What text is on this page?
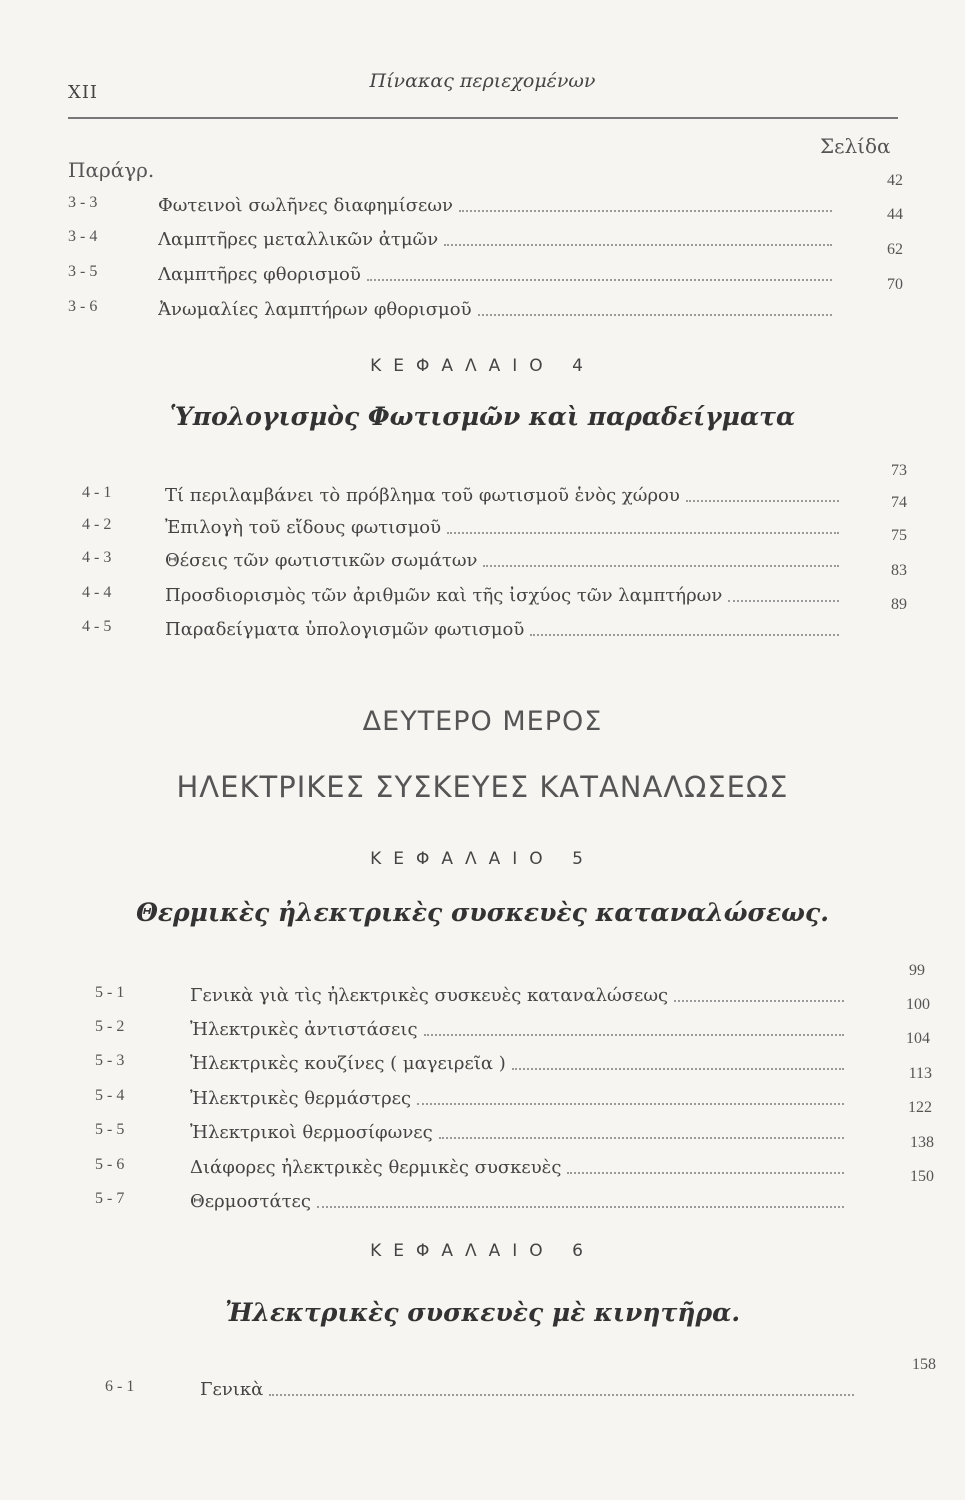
XII
Πίνακας περιεχομένων
Σελίδα
Παράγρ.
3 - 3	Φωτεινοὶ σωλῆνες διαφημίσεων
42
3 - 4	Λαμπτῆρες μεταλλικῶν ἀτμῶν
44
3 - 5	Λαμπτῆρες φθορισμοῦ
62
3 - 6	Ἀνωμαλίες λαμπτήρων φθορισμοῦ
70
ΚΕΦΑΛΑΙΟ 4
Ὑπολογισμὸς Φωτισμῶν καὶ παραδείγματα
4 - 1	Τί περιλαμβάνει τὸ πρόβλημα τοῦ φωτισμοῦ ἑνὸς χώρου
73
4 - 2	Ἐπιλογὴ τοῦ εἴδους φωτισμοῦ
74
4 - 3	Θέσεις τῶν φωτιστικῶν σωμάτων
75
4 - 4	Προσδιορισμὸς τῶν ἀριθμῶν καὶ τῆς ἰσχύος τῶν λαμπτήρων
83
4 - 5	Παραδείγματα ὑπολογισμῶν φωτισμοῦ
89
ΔΕΥΤΕΡΟ ΜΕΡΟΣ
ΗΛΕΚΤΡΙΚΕΣ ΣΥΣΚΕΥΕΣ ΚΑΤΑΝΑΛΩΣΕΩΣ
ΚΕΦΑΛΑΙΟ 5
Θερμικὲς ἠλεκτρικὲς συσκευὲς καταναλώσεως.
5 - 1	Γενικὰ γιὰ τὶς ἠλεκτρικὲς συσκευὲς καταναλώσεως
99
5 - 2	Ἠλεκτρικὲς ἀντιστάσεις
100
5 - 3	Ἠλεκτρικὲς κουζίνες ( μαγειρεῖα )
104
5 - 4	Ἠλεκτρικὲς θερμάστρες
113
5 - 5	Ἠλεκτρικοὶ θερμοσίφωνες
122
5 - 6	Διάφορες ἠλεκτρικὲς θερμικὲς συσκευὲς
138
5 - 7	Θερμοστάτες
150
ΚΕΦΑΛΑΙΟ 6
Ἠλεκτρικὲς συσκευὲς μὲ κινητῆρα.
6 - 1	Γενικὰ
158
